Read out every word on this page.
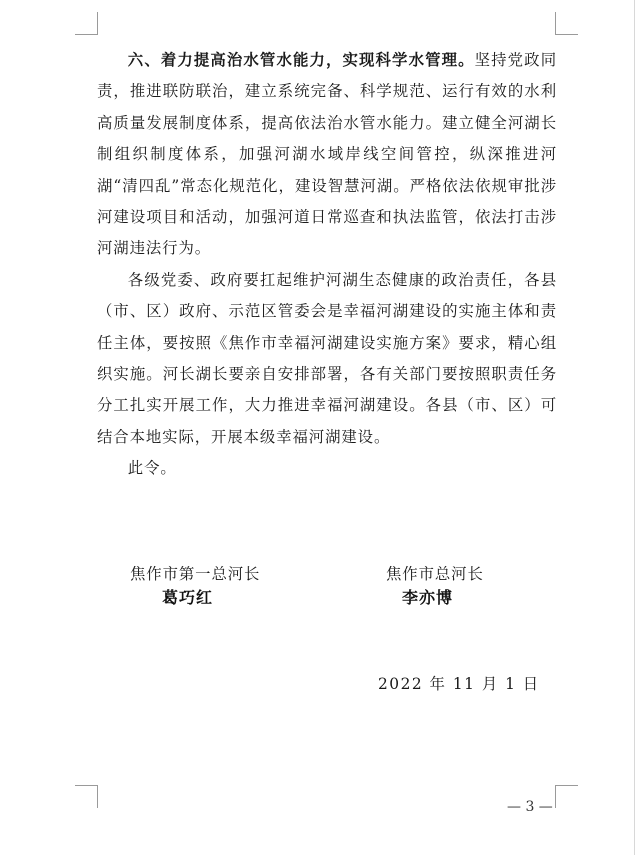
六、着力提高治水管水能力，实现科学水管理。坚持党政同责，推进联防联治，建立系统完备、科学规范、运行有效的水利高质量发展制度体系，提高依法治水管水能力。建立健全河湖长制组织制度体系，加强河湖水域岸线空间管控，纵深推进河湖“清四乱”常态化规范化，建设智慧河湖。严格依法依规审批涉河建设项目和活动，加强河道日常巡查和执法监管，依法打击涉河湖违法行为。

各级党委、政府要扛起维护河湖生态健康的政治责任，各县（市、区）政府、示范区管委会是幸福河湖建设的实施主体和责任主体，要按照《焦作市幸福河湖建设实施方案》要求，精心组织实施。河长湖长要亲自安排部署，各有关部门要按照职责任务分工扎实开展工作，大力推进幸福河湖建设。各县（市、区）可结合本地实际，开展本级幸福河湖建设。

此令。

焦作市第一总河长
葛巧红
焦作市总河长
李亦博
2022 年 11 月 1 日
— 3 —
